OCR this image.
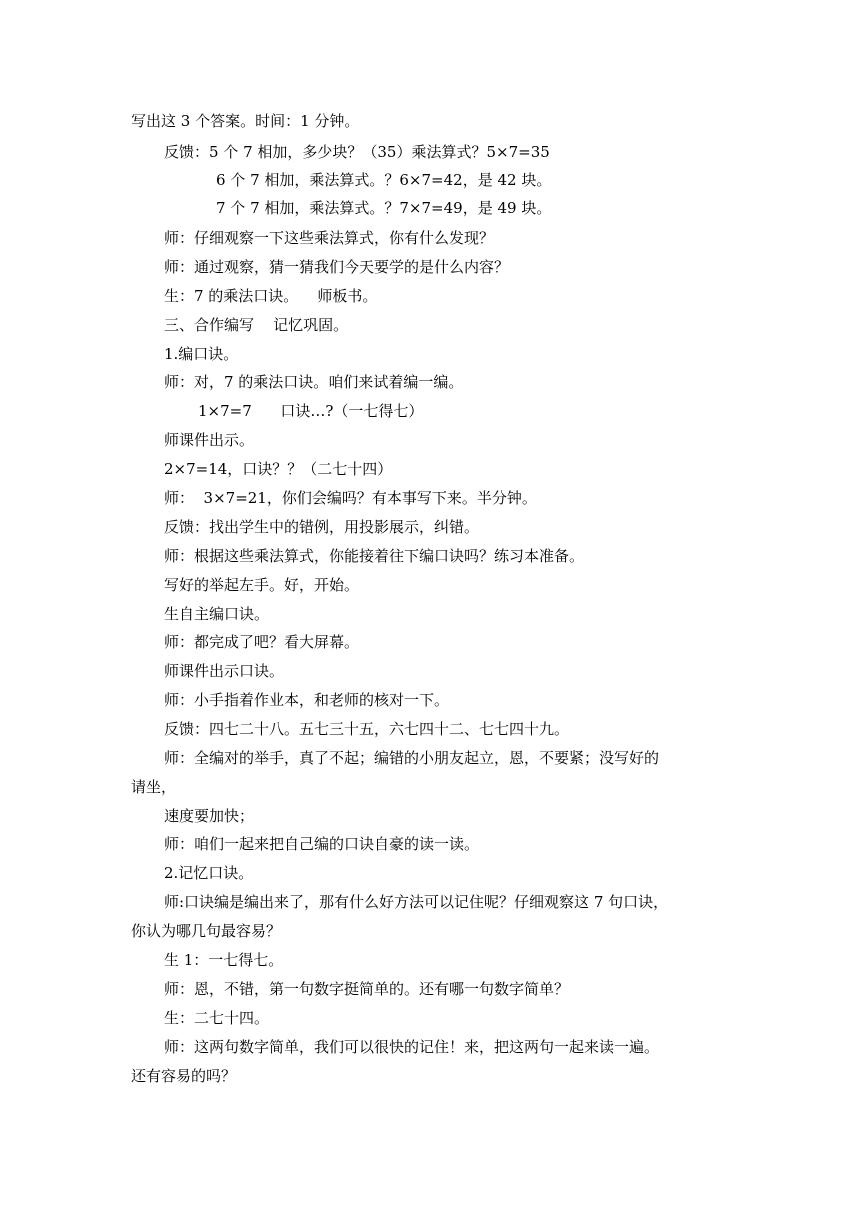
写出这 3 个答案。时间：1 分钟。
反馈：5 个 7 相加，多少块？（35）乘法算式？5×7=35
6 个 7 相加，乘法算式。？6×7=42，是 42 块。
7 个 7 相加，乘法算式。？7×7=49，是 49 块。
师：仔细观察一下这些乘法算式，你有什么发现？
师：通过观察，猜一猜我们今天要学的是什么内容？
生：7 的乘法口诀。    师板书。
三、合作编写    记忆巩固。
1.编口诀。
师：对，7 的乘法口诀。咱们来试着编一编。
1×7=7      口诀…?（一七得七）
师课件出示。
2×7=14，口诀？？（二七十四）
师：  3×7=21，你们会编吗？有本事写下来。半分钟。
反馈：找出学生中的错例，用投影展示，纠错。
师：根据这些乘法算式，你能接着往下编口诀吗？练习本准备。
写好的举起左手。好，开始。
生自主编口诀。
师：都完成了吧？看大屏幕。
师课件出示口诀。
师：小手指着作业本，和老师的核对一下。
反馈：四七二十八。五七三十五，六七四十二、七七四十九。
师：全编对的举手，真了不起；编错的小朋友起立，恩，不要紧；没写好的
请坐，
速度要加快；
师：咱们一起来把自己编的口诀自豪的读一读。
2.记忆口诀。
师:口诀编是编出来了，那有什么好方法可以记住呢？仔细观察这 7 句口诀，
你认为哪几句最容易？
生 1：一七得七。
师：恩，不错，第一句数字挺简单的。还有哪一句数字简单？
生：二七十四。
师：这两句数字简单，我们可以很快的记住！来，把这两句一起来读一遍。
还有容易的吗？
